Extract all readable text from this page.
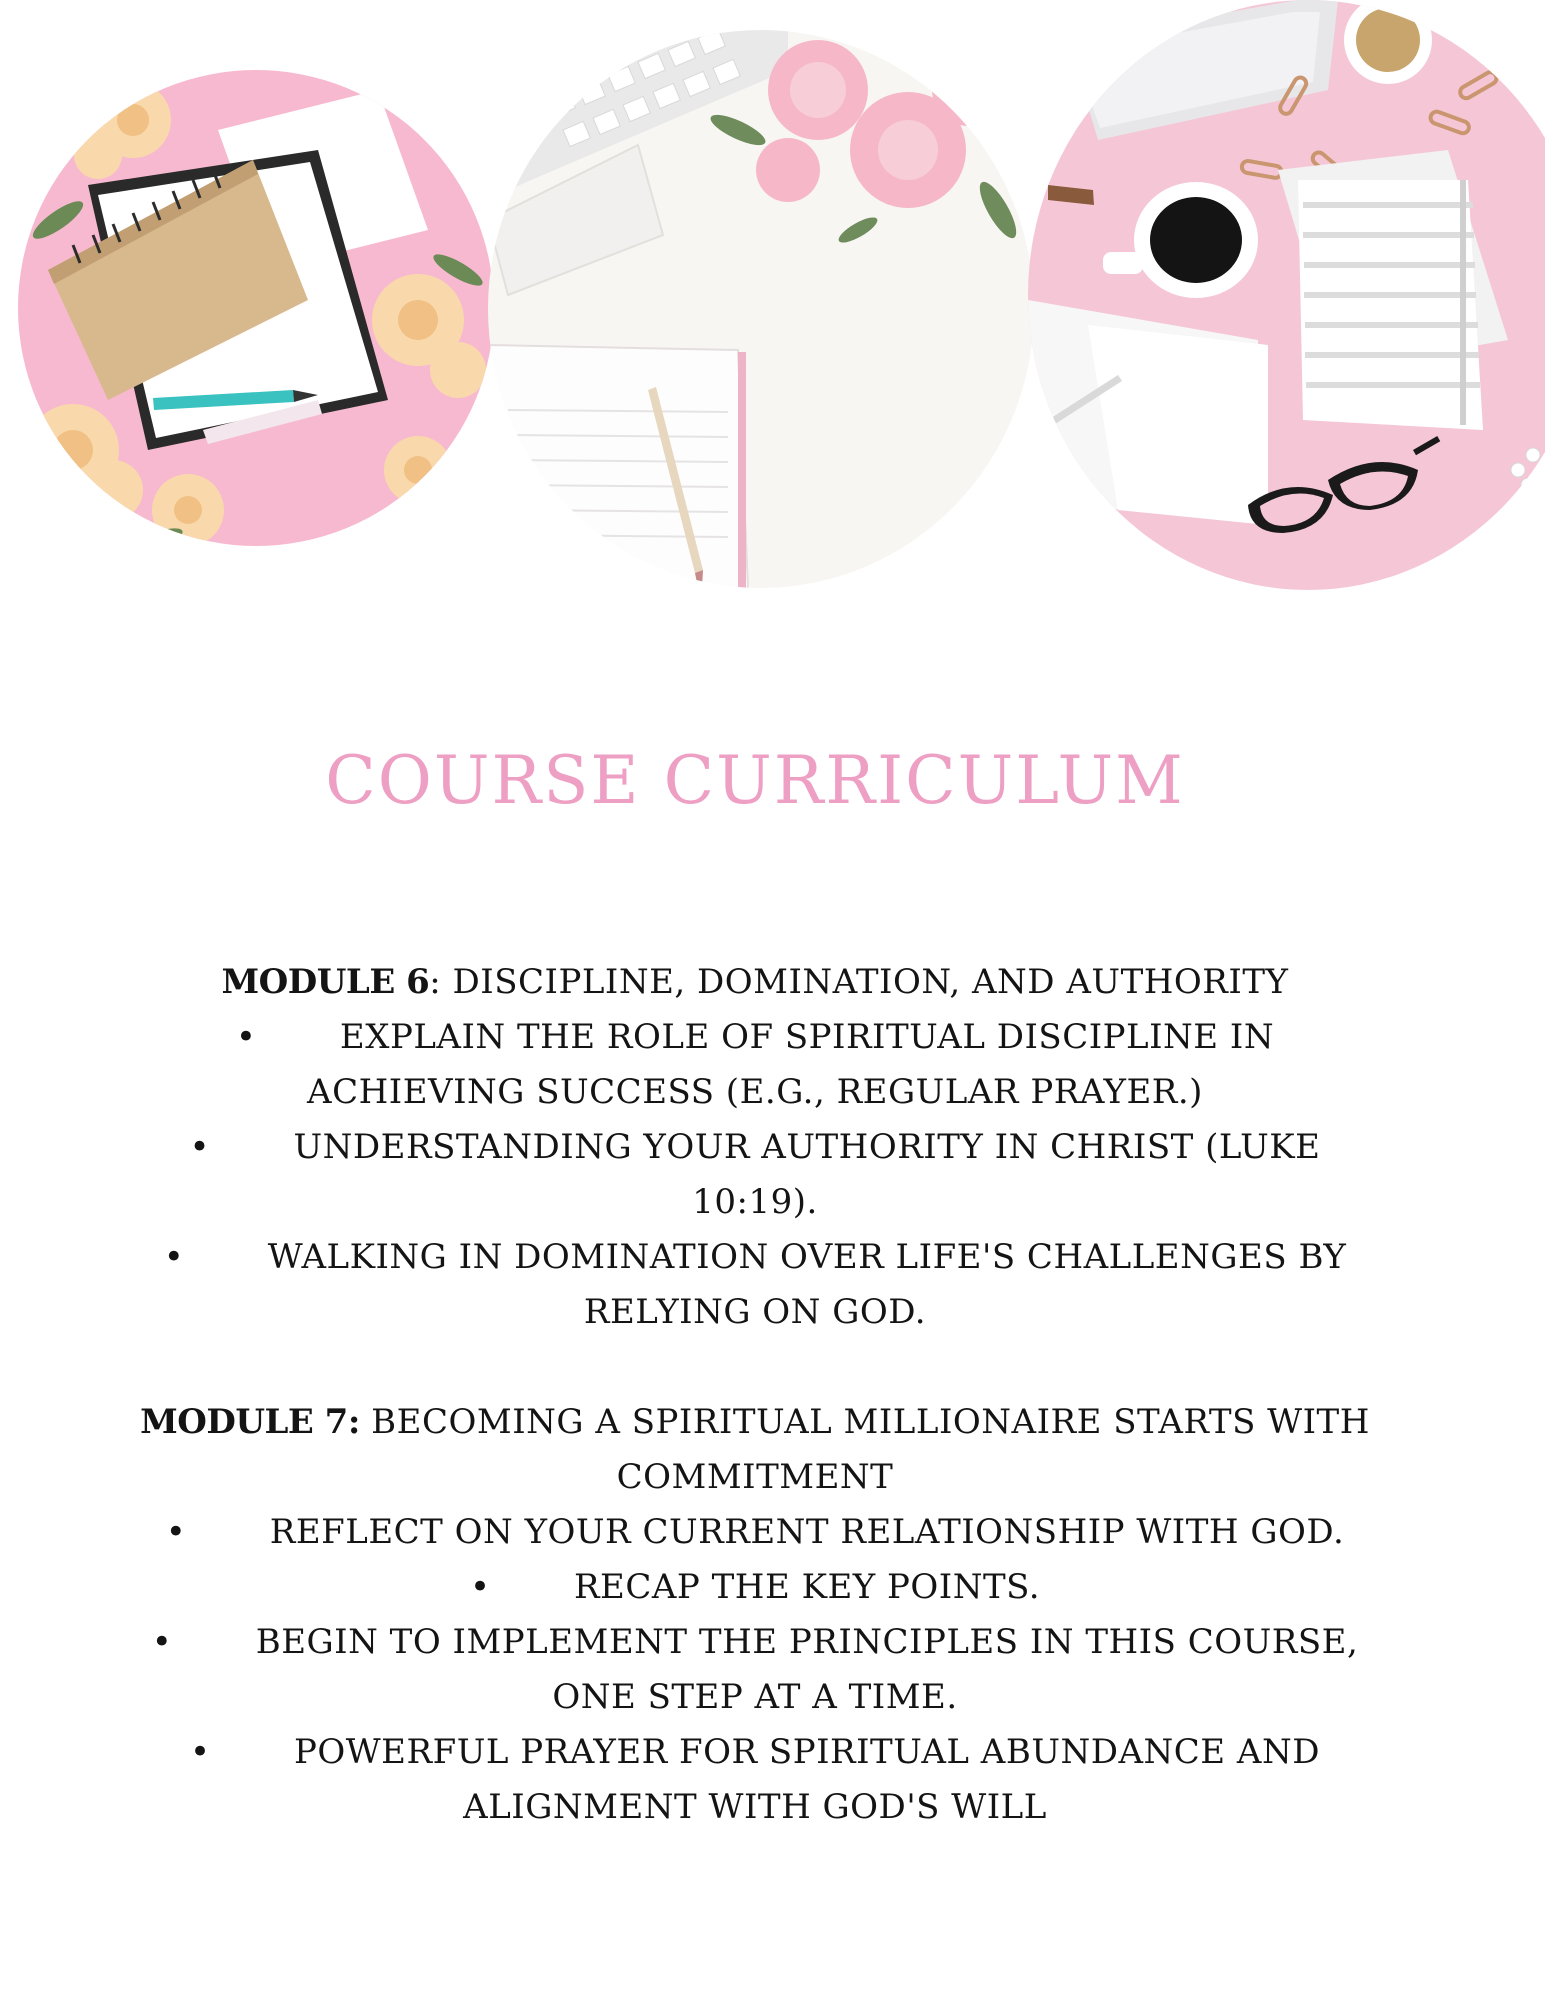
COURSE CURRICULUM
MODULE 6: DISCIPLINE, DOMINATION, AND AUTHORITY
• EXPLAIN THE ROLE OF SPIRITUAL DISCIPLINE IN
ACHIEVING SUCCESS (E.G., REGULAR PRAYER.)
• UNDERSTANDING YOUR AUTHORITY IN CHRIST (LUKE
10:19).
• WALKING IN DOMINATION OVER LIFE'S CHALLENGES BY
RELYING ON GOD.
MODULE 7: BECOMING A SPIRITUAL MILLIONAIRE STARTS WITH
COMMITMENT
• REFLECT ON YOUR CURRENT RELATIONSHIP WITH GOD.
• RECAP THE KEY POINTS.
• BEGIN TO IMPLEMENT THE PRINCIPLES IN THIS COURSE,
ONE STEP AT A TIME.
• POWERFUL PRAYER FOR SPIRITUAL ABUNDANCE AND
ALIGNMENT WITH GOD'S WILL
